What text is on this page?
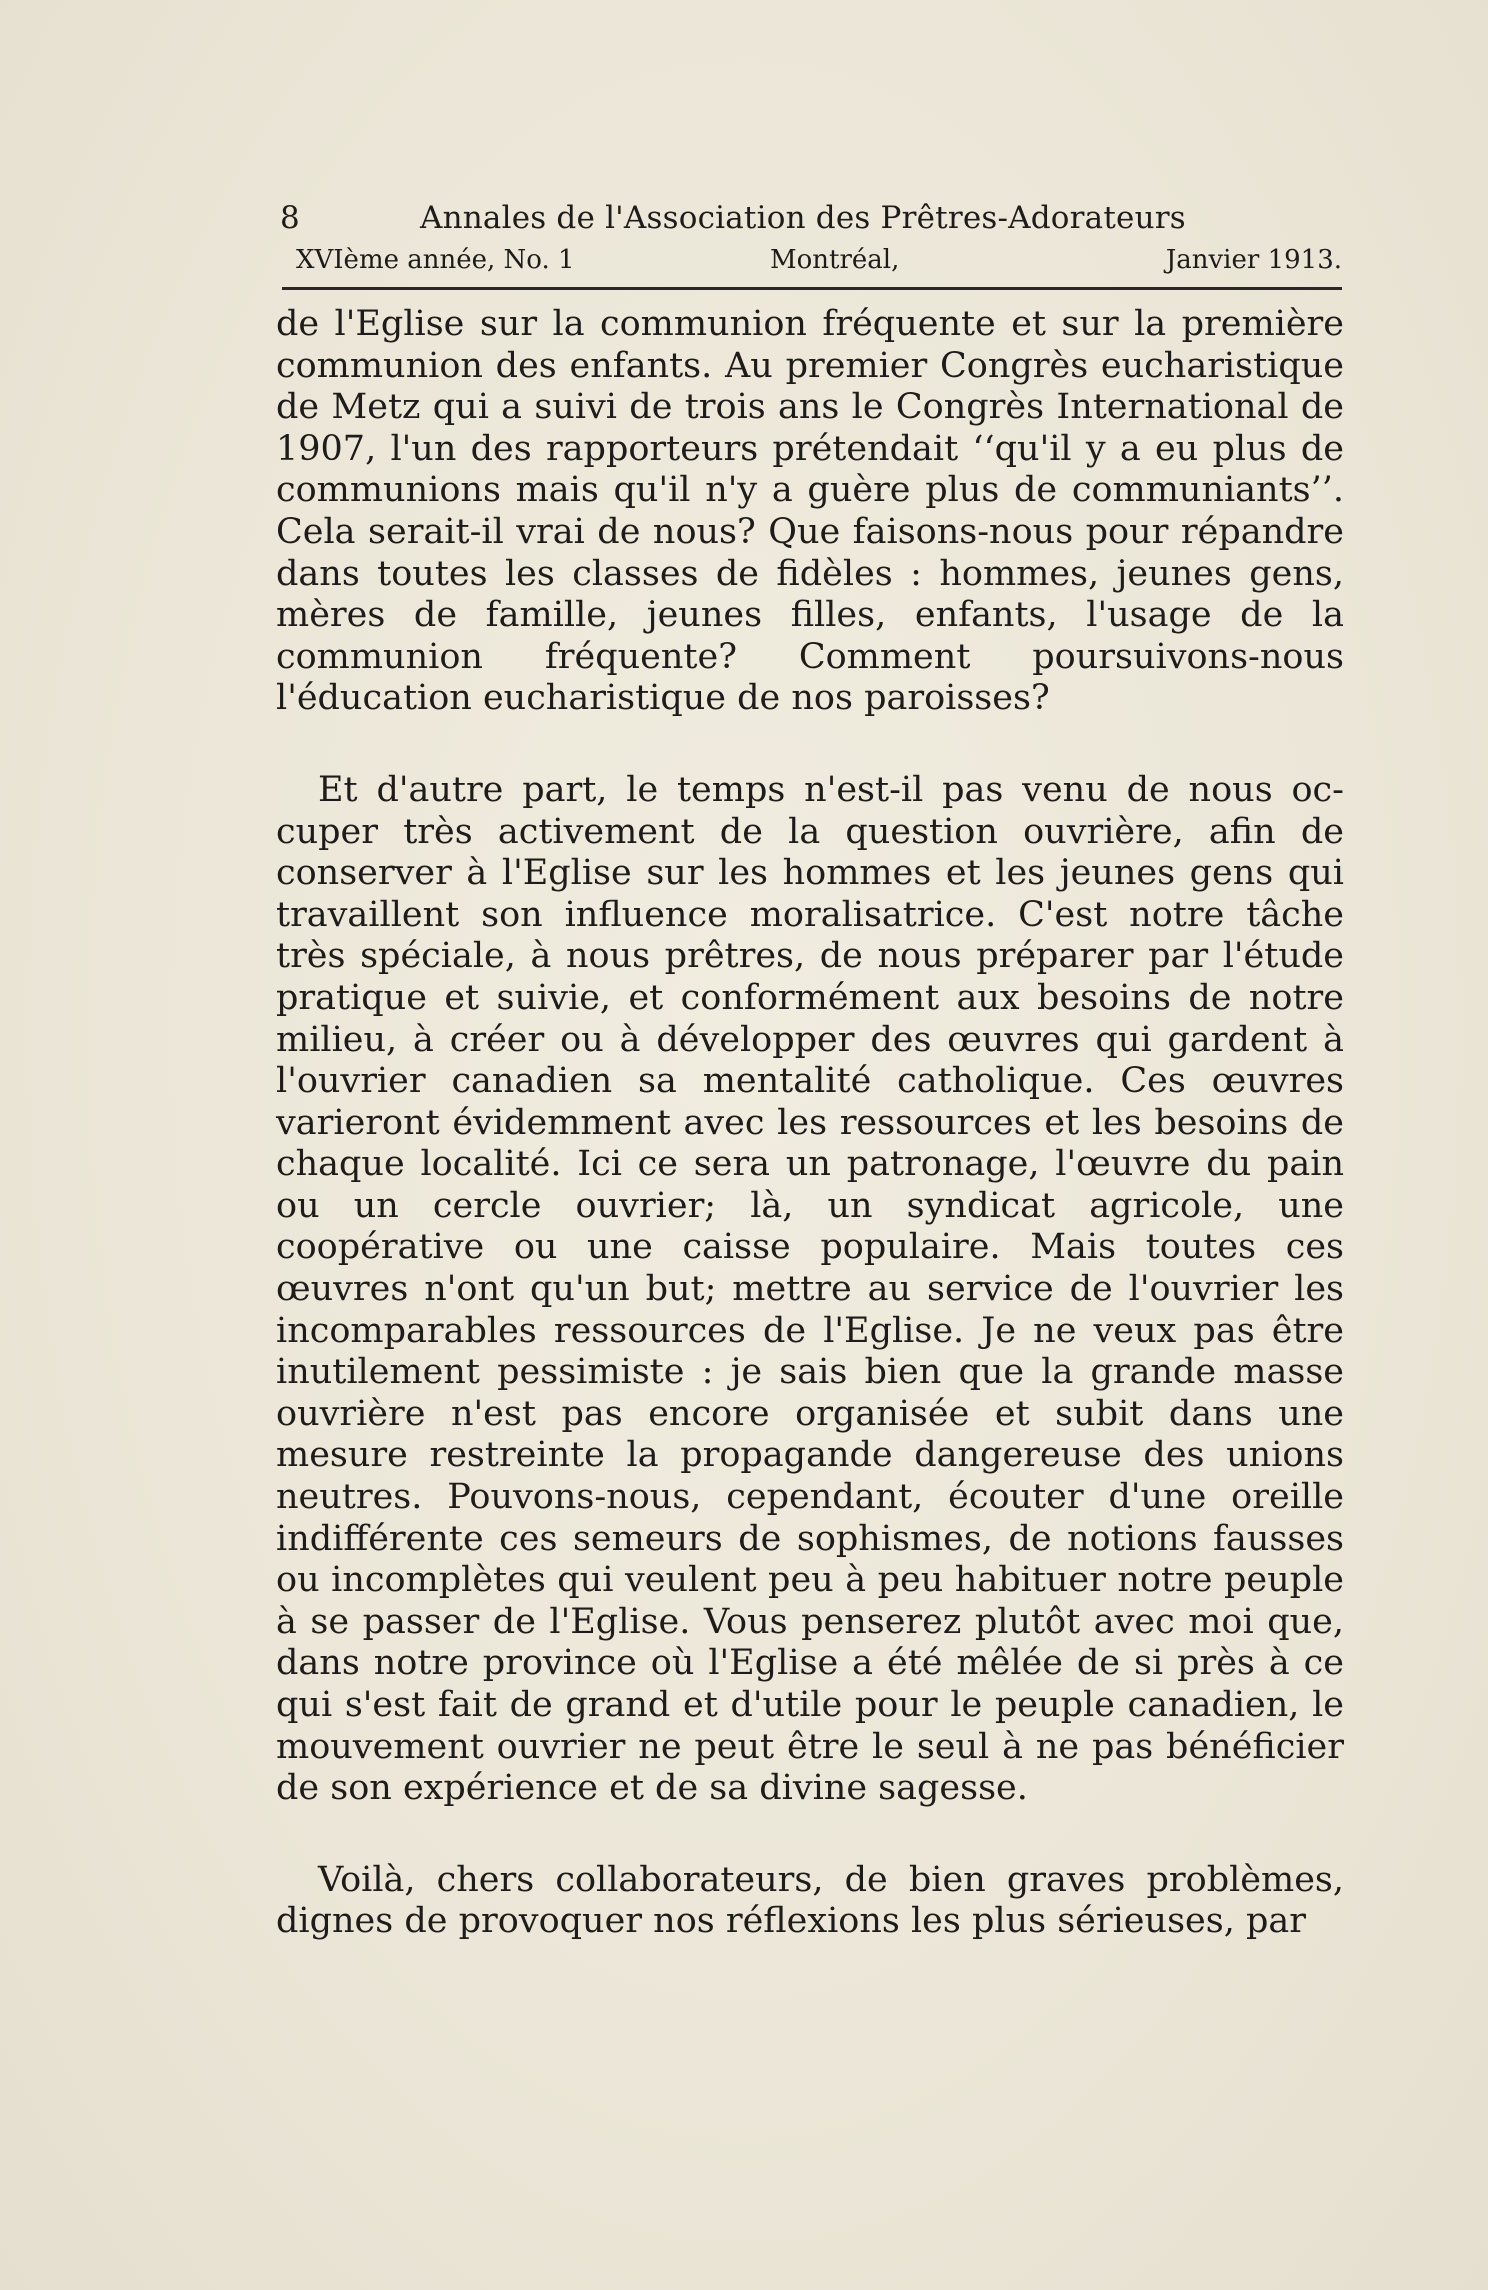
8	Annales de l'Association des Prêtres-Adorateurs
XVIème année, No. 1	Montréal,	Janvier 1913.

de l'Eglise sur la communion fréquente et sur la première communion des enfants. Au premier Congrès eucharistique de Metz qui a suivi de trois ans le Congrès International de 1907, l'un des rapporteurs prétendait ‘‘qu'il y a eu plus de communions mais qu'il n'y a guère plus de communiants’’. Cela serait-il vrai de nous? Que faisons-nous pour répandre dans toutes les classes de fidèles : hommes, jeunes gens, mères de famille, jeunes filles, enfants, l'usage de la communion fréquente? Comment poursuivons-nous l'éducation eucharistique de nos paroisses?

Et d'autre part, le temps n'est-il pas venu de nous occuper très activement de la question ouvrière, afin de conserver à l'Eglise sur les hommes et les jeunes gens qui travaillent son influence moralisatrice. C'est notre tâche très spéciale, à nous prêtres, de nous préparer par l'étude pratique et suivie, et conformément aux besoins de notre milieu, à créer ou à développer des œuvres qui gardent à l'ouvrier canadien sa mentalité catholique. Ces œuvres varieront évidemment avec les ressources et les besoins de chaque localité. Ici ce sera un patronage, l'œuvre du pain ou un cercle ouvrier; là, un syndicat agricole, une coopérative ou une caisse populaire. Mais toutes ces œuvres n'ont qu'un but; mettre au service de l'ouvrier les incomparables ressources de l'Eglise. Je ne veux pas être inutilement pessimiste : je sais bien que la grande masse ouvrière n'est pas encore organisée et subit dans une mesure restreinte la propagande dangereuse des unions neutres. Pouvons-nous, cependant, écouter d'une oreille indifférente ces semeurs de sophismes, de notions fausses ou incomplètes qui veulent peu à peu habituer notre peuple à se passer de l'Eglise. Vous penserez plutôt avec moi que, dans notre province où l'Eglise a été mêlée de si près à ce qui s'est fait de grand et d'utile pour le peuple canadien, le mouvement ouvrier ne peut être le seul à ne pas bénéficier de son expérience et de sa divine sagesse.

Voilà, chers collaborateurs, de bien graves problèmes, dignes de provoquer nos réflexions les plus sérieuses, par
